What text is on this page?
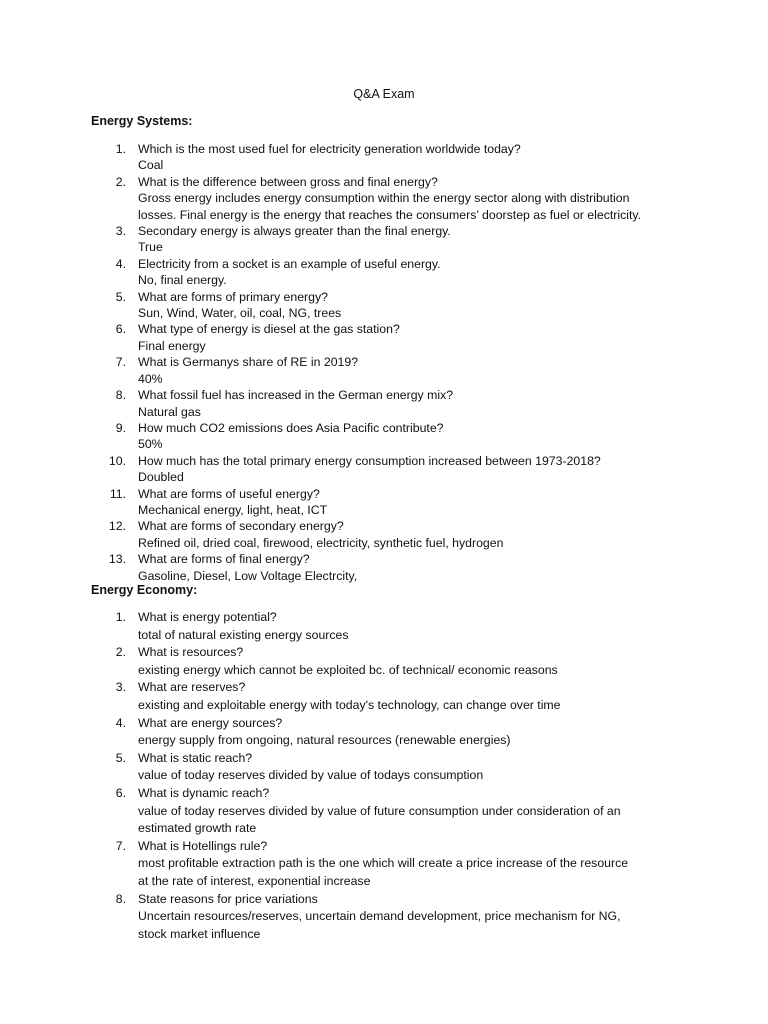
Q&A Exam
Energy Systems:
1. Which is the most used fuel for electricity generation worldwide today?
Coal
2. What is the difference between gross and final energy?
Gross energy includes energy consumption within the energy sector along with distribution
losses. Final energy is the energy that reaches the consumers’ doorstep as fuel or electricity.
3. Secondary energy is always greater than the final energy.
True
4. Electricity from a socket is an example of useful energy.
No, final energy.
5. What are forms of primary energy?
Sun, Wind, Water, oil, coal, NG, trees
6. What type of energy is diesel at the gas station?
Final energy
7. What is Germanys share of RE in 2019?
40%
8. What fossil fuel has increased in the German energy mix?
Natural gas
9. How much CO2 emissions does Asia Pacific contribute?
50%
10. How much has the total primary energy consumption increased between 1973-2018?
Doubled
11. What are forms of useful energy?
Mechanical energy, light, heat, ICT
12. What are forms of secondary energy?
Refined oil, dried coal, firewood, electricity, synthetic fuel, hydrogen
13. What are forms of final energy?
Gasoline, Diesel, Low Voltage Electrcity,
Energy Economy:
1. What is energy potential?
total of natural existing energy sources
2. What is resources?
existing energy which cannot be exploited bc. of technical/ economic reasons
3. What are reserves?
existing and exploitable energy with today's technology, can change over time
4. What are energy sources?
energy supply from ongoing, natural resources (renewable energies)
5. What is static reach?
value of today reserves divided by value of todays consumption
6. What is dynamic reach?
value of today reserves divided by value of future consumption under consideration of an
estimated growth rate
7. What is Hotellings rule?
most profitable extraction path is the one which will create a price increase of the resource
at the rate of interest, exponential increase
8. State reasons for price variations
Uncertain resources/reserves, uncertain demand development, price mechanism for NG,
stock market influence
